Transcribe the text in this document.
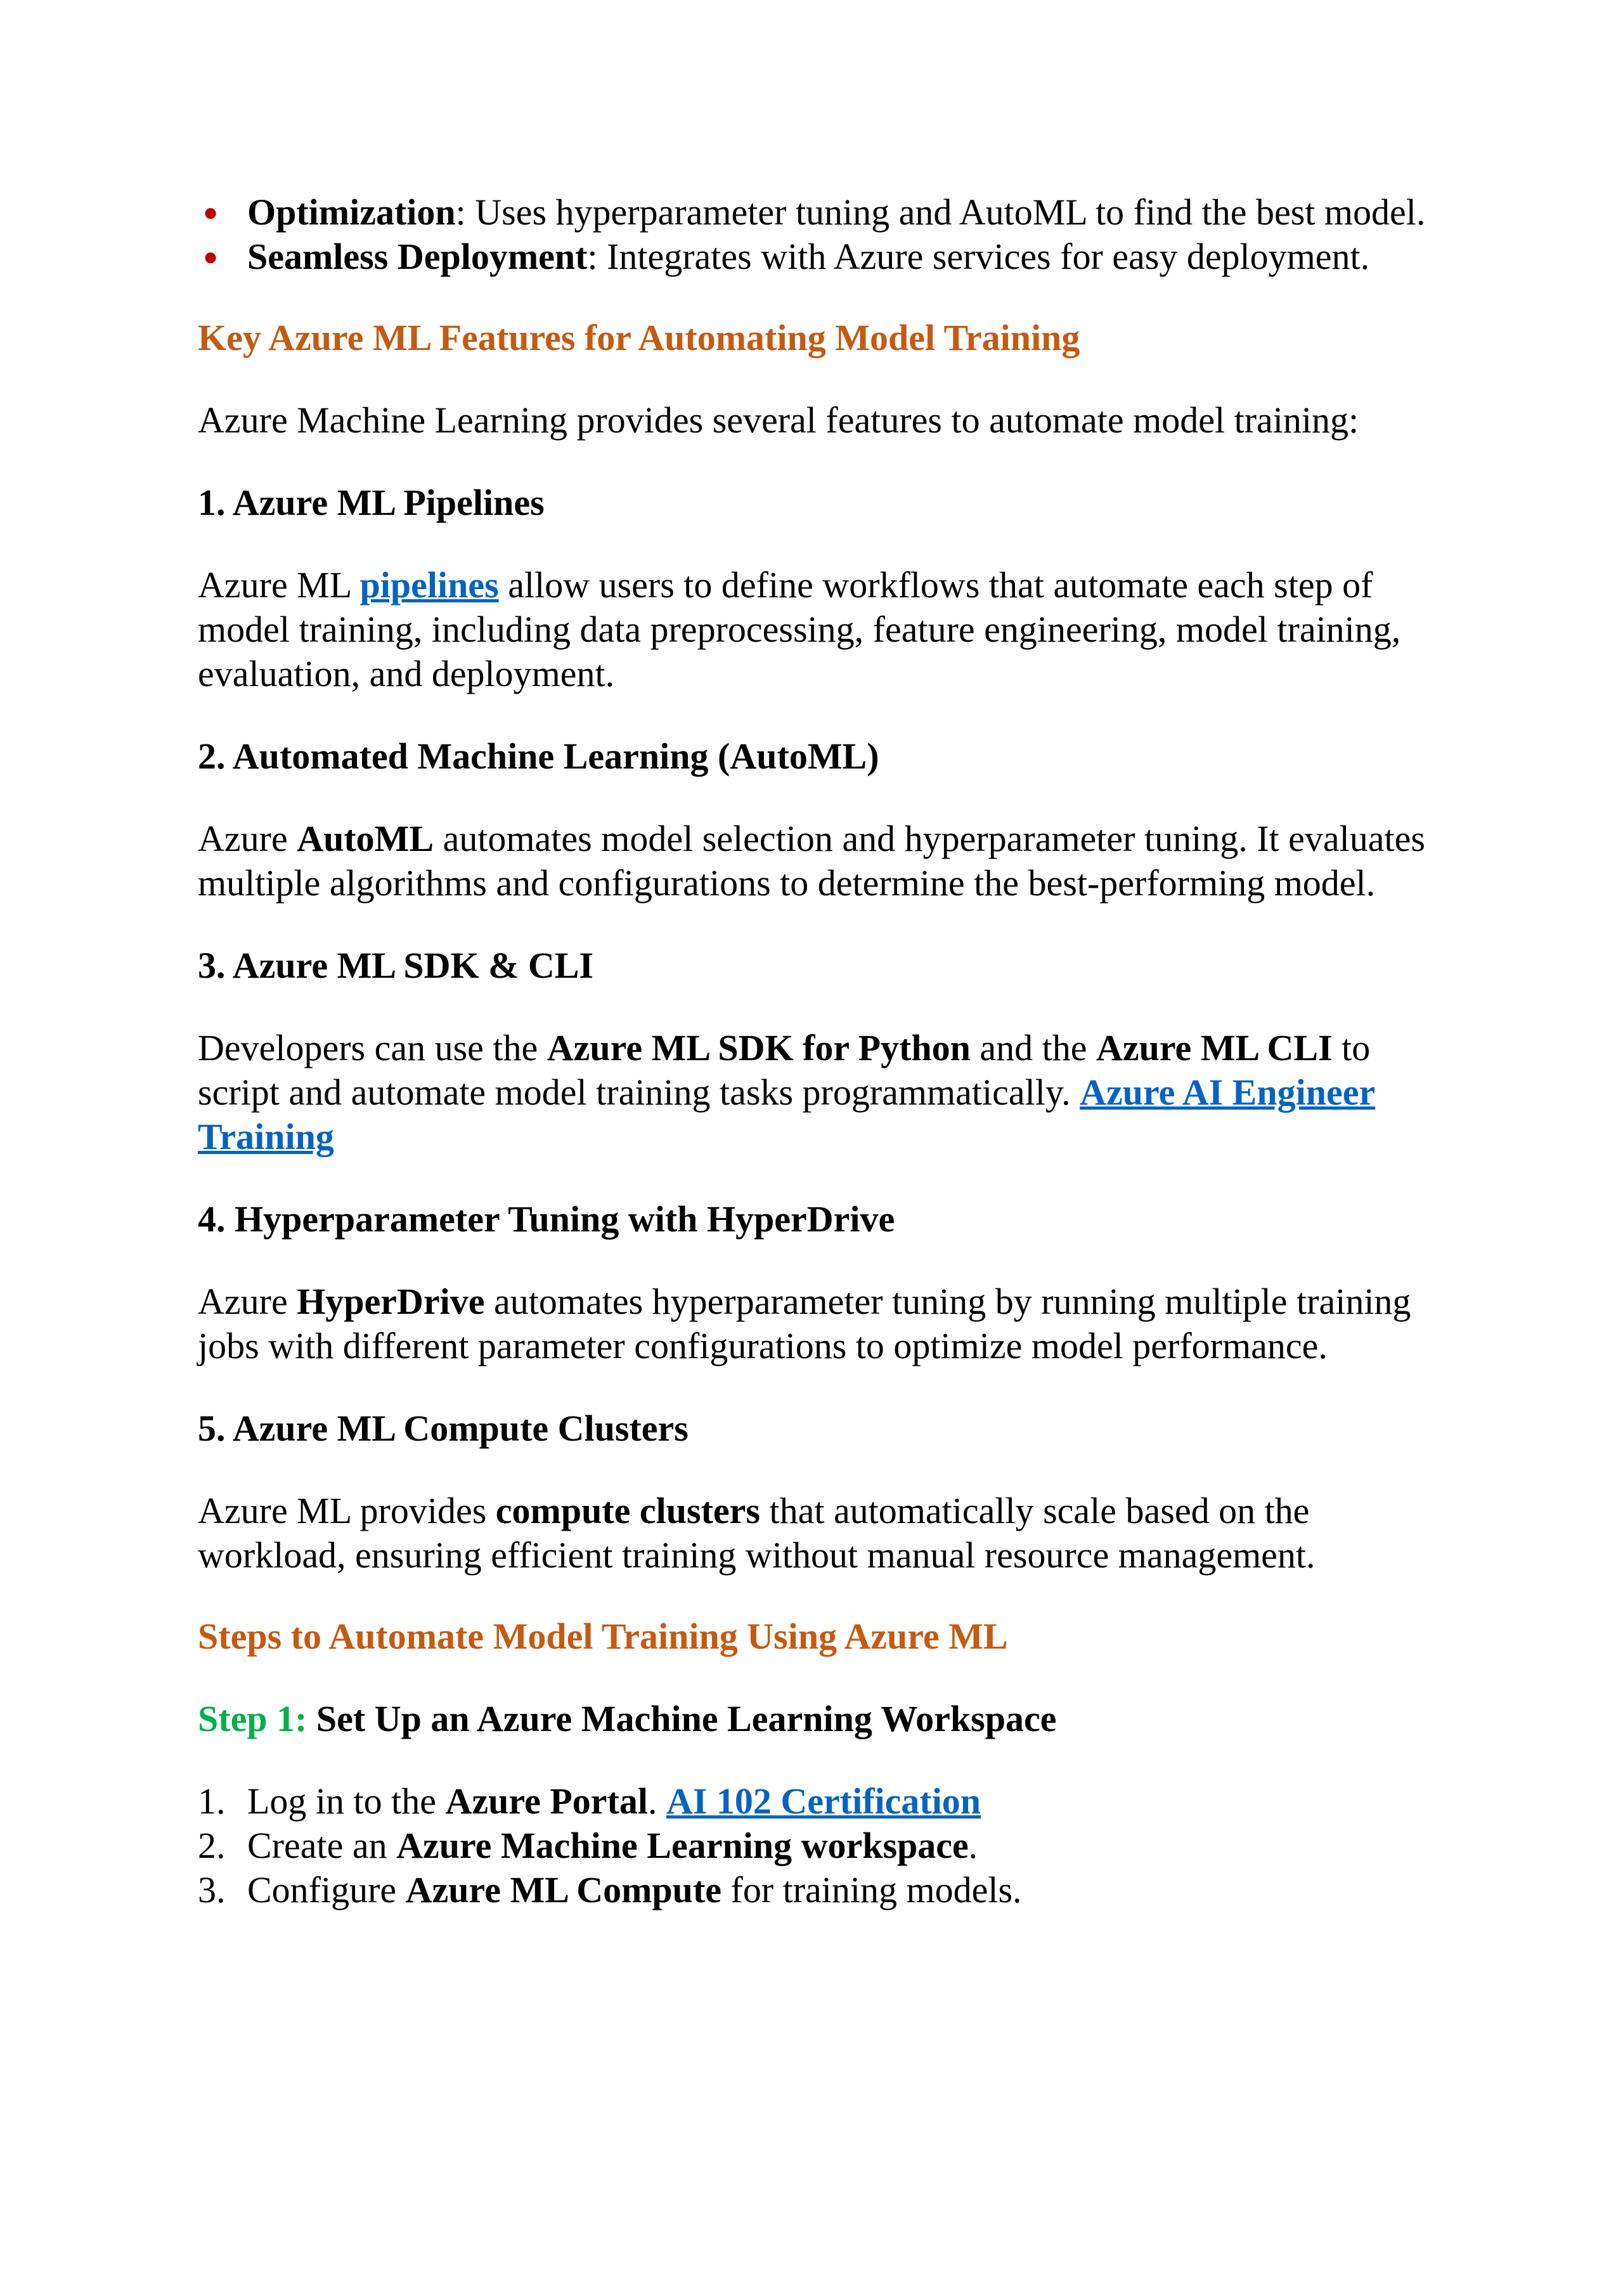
● Optimization: Uses hyperparameter tuning and AutoML to find the best model.
● Seamless Deployment: Integrates with Azure services for easy deployment.

Key Azure ML Features for Automating Model Training

Azure Machine Learning provides several features to automate model training:

1. Azure ML Pipelines

Azure ML pipelines allow users to define workflows that automate each step of model training, including data preprocessing, feature engineering, model training, evaluation, and deployment.

2. Automated Machine Learning (AutoML)

Azure AutoML automates model selection and hyperparameter tuning. It evaluates multiple algorithms and configurations to determine the best-performing model.

3. Azure ML SDK & CLI

Developers can use the Azure ML SDK for Python and the Azure ML CLI to script and automate model training tasks programmatically. Azure AI Engineer Training

4. Hyperparameter Tuning with HyperDrive

Azure HyperDrive automates hyperparameter tuning by running multiple training jobs with different parameter configurations to optimize model performance.

5. Azure ML Compute Clusters

Azure ML provides compute clusters that automatically scale based on the workload, ensuring efficient training without manual resource management.

Steps to Automate Model Training Using Azure ML

Step 1: Set Up an Azure Machine Learning Workspace

1. Log in to the Azure Portal. AI 102 Certification
2. Create an Azure Machine Learning workspace.
3. Configure Azure ML Compute for training models.
